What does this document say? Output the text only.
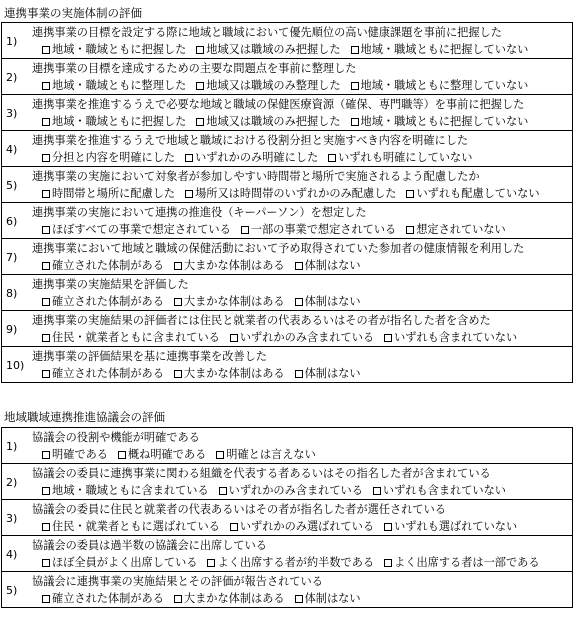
連携事業の実施体制の評価
1)
連携事業の目標を設定する際に地域と職域において優先順位の高い健康課題を事前に把握した
地域・職域ともに把握した 地域又は職域のみ把握した 地域・職域ともに把握していない
2)
連携事業の目標を達成するための主要な問題点を事前に整理した
地域・職域ともに整理した 地域又は職域のみ整理した 地域・職域ともに整理していない
3)
連携事業を推進するうえで必要な地域と職域の保健医療資源（確保、専門職等）を事前に把握した
地域・職域ともに把握した 地域又は職域のみ把握した 地域・職域ともに把握していない
4)
連携事業を推進するうえで地域と職域における役割分担と実施すべき内容を明確にした
分担と内容を明確にした いずれかのみ明確にした いずれも明確にしていない
5)
連携事業の実施において対象者が参加しやすい時間帯と場所で実施されるよう配慮したか
時間帯と場所に配慮した 場所又は時間帯のいずれかのみ配慮した いずれも配慮していない
6)
連携事業の実施において連携の推進役（キーパーソン）を想定した
ほぼすべての事業で想定されている 一部の事業で想定されている 想定されていない
7)
連携事業において地域と職域の保健活動において予め取得されていた参加者の健康情報を利用した
確立された体制がある 大まかな体制はある 体制はない
8)
連携事業の実施結果を評価した
確立された体制がある 大まかな体制はある 体制はない
9)
連携事業の実施結果の評価者には住民と就業者の代表あるいはその者が指名した者を含めた
住民・就業者ともに含まれている いずれかのみ含まれている いずれも含まれていない
10)
連携事業の評価結果を基に連携事業を改善した
確立された体制がある 大まかな体制はある 体制はない
地域職域連携推進協議会の評価
1)
協議会の役割や機能が明確である
明確である 概ね明確である 明確とは言えない
2)
協議会の委員に連携事業に関わる組織を代表する者あるいはその指名した者が含まれている
地域・職域ともに含まれている いずれかのみ含まれている いずれも含まれていない
3)
協議会の委員に住民と就業者の代表あるいはその者が指名した者が選任されている
住民・就業者ともに選ばれている いずれかのみ選ばれている いずれも選ばれていない
4)
協議会の委員は過半数の協議会に出席している
ほぼ全員がよく出席している よく出席する者が約半数である よく出席する者は一部である
5)
協議会に連携事業の実施結果とその評価が報告されている
確立された体制がある 大まかな体制はある 体制はない
